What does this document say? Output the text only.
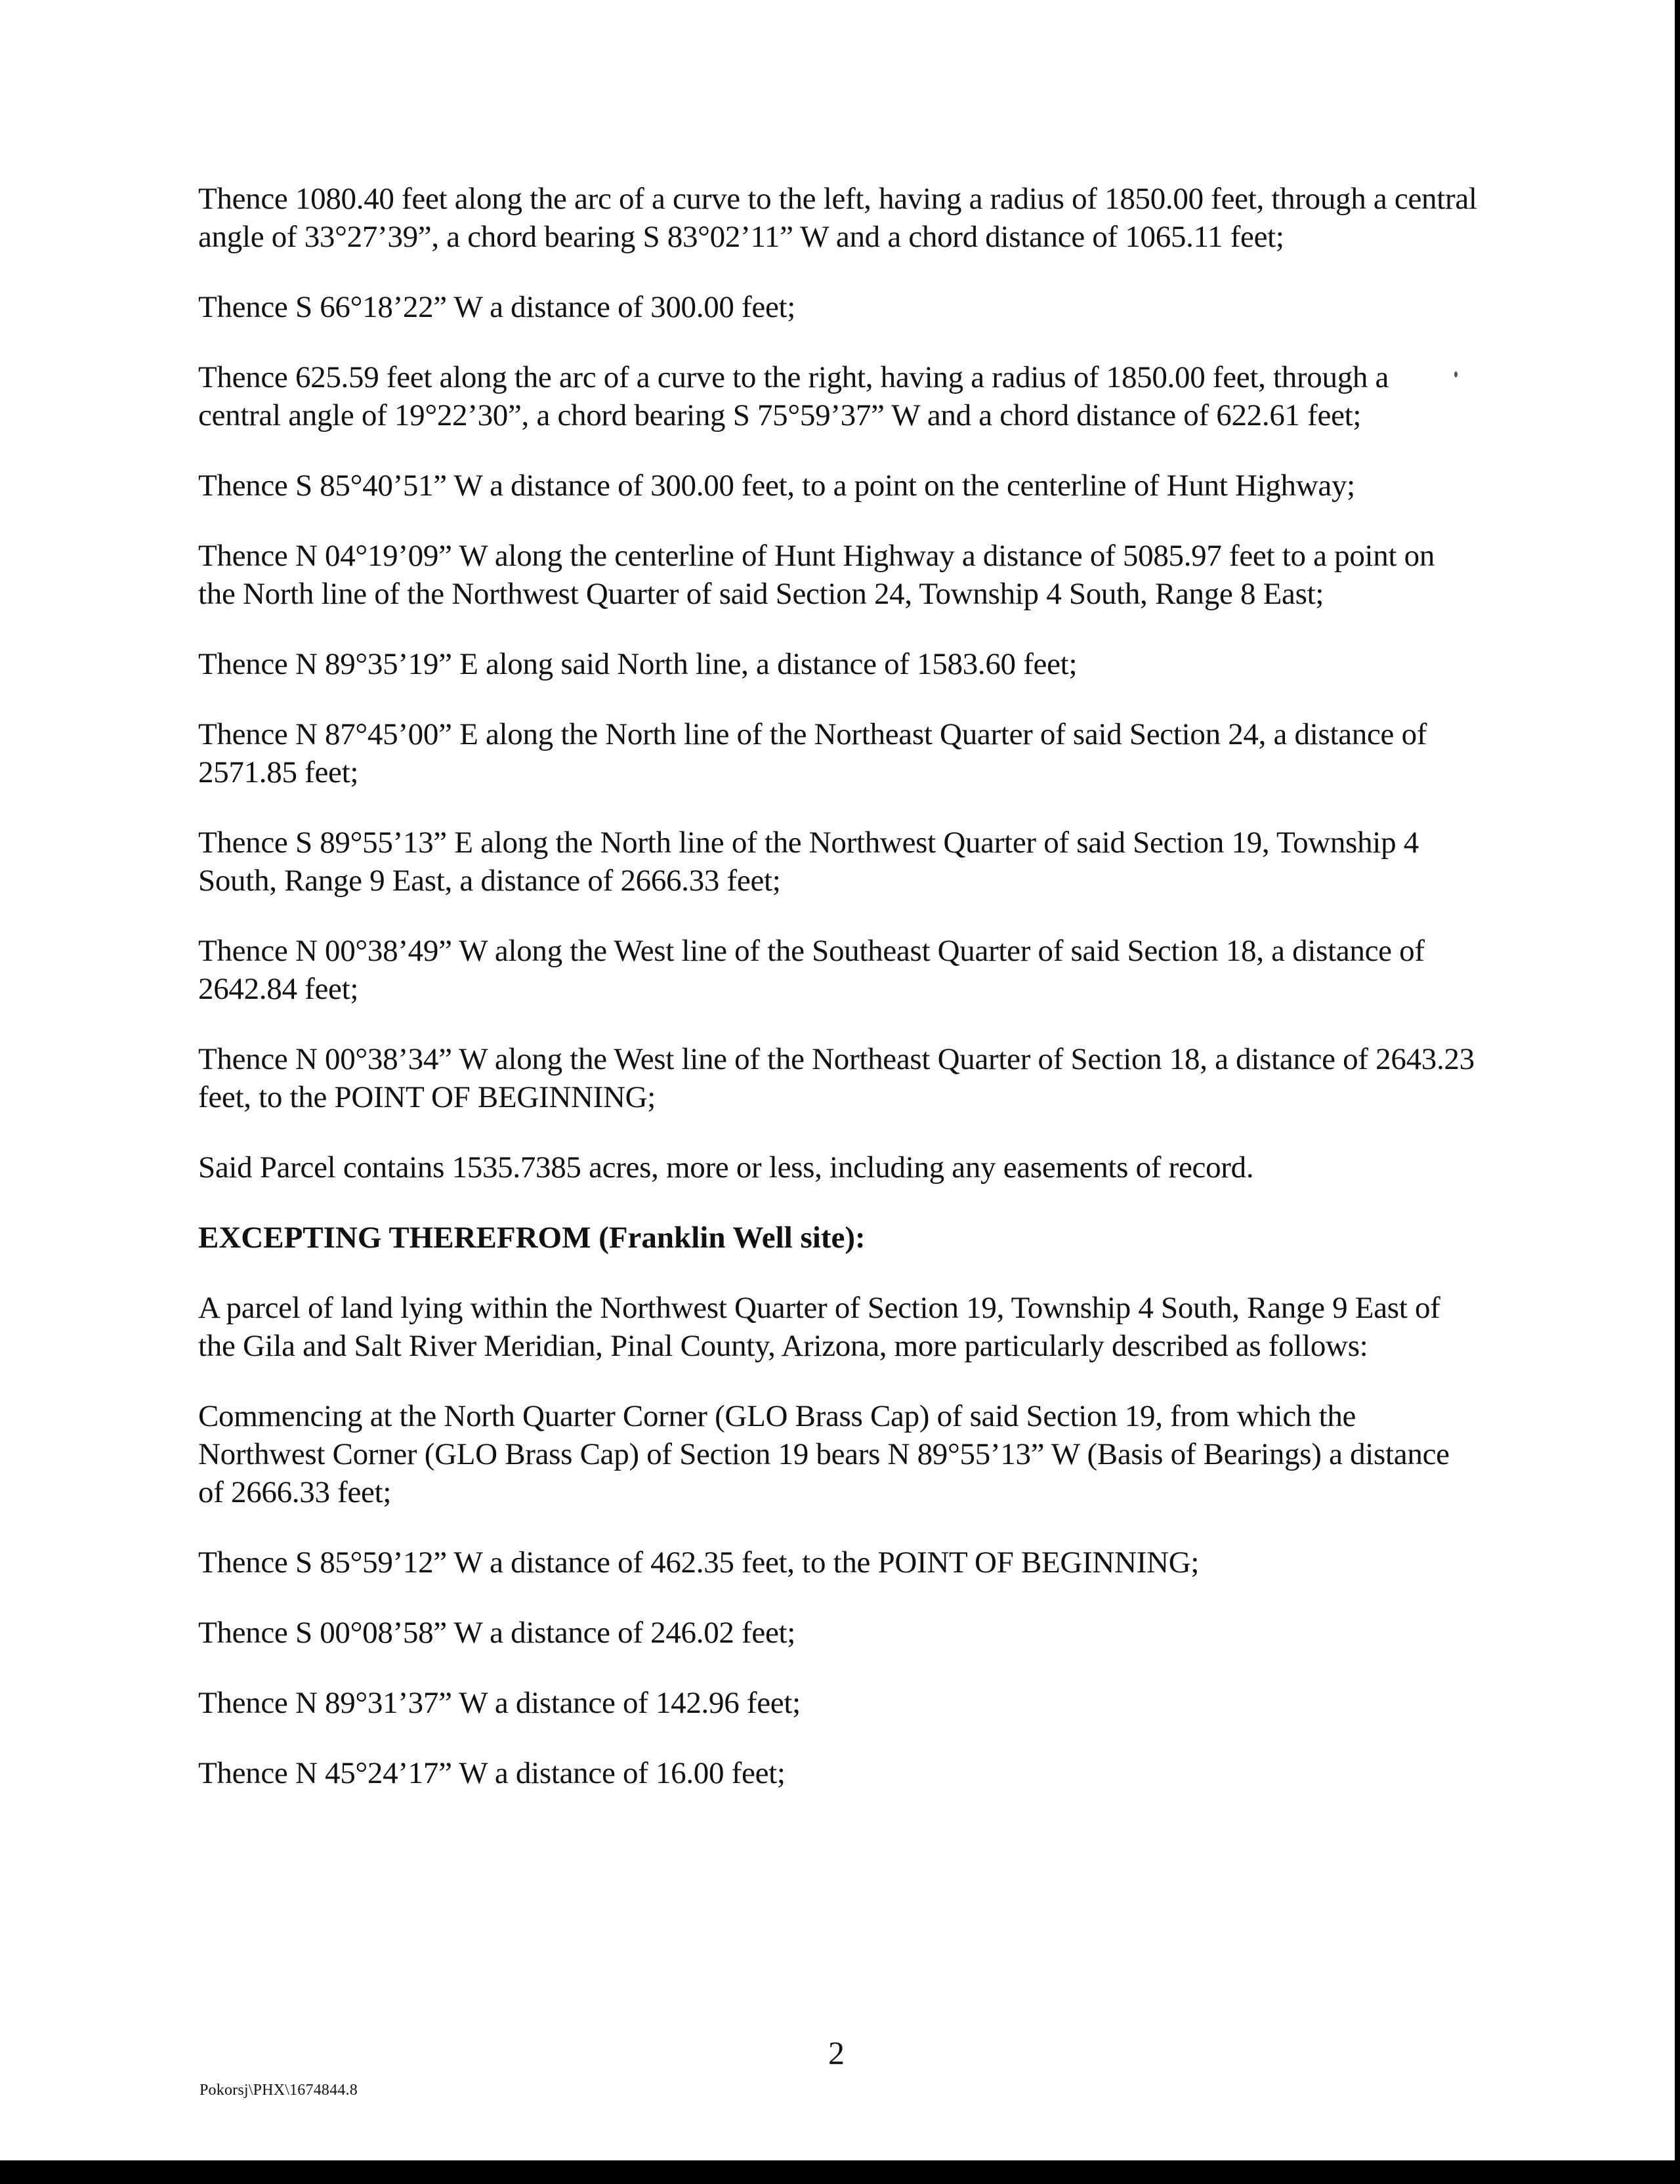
Thence 1080.40 feet along the arc of a curve to the left, having a radius of 1850.00 feet, through a central angle of 33°27’39”, a chord bearing S 83°02’11” W and a chord distance of 1065.11 feet;

Thence S 66°18’22” W a distance of 300.00 feet;

Thence 625.59 feet along the arc of a curve to the right, having a radius of 1850.00 feet, through a central angle of 19°22’30”, a chord bearing S 75°59’37” W and a chord distance of 622.61 feet;

Thence S 85°40’51” W a distance of 300.00 feet, to a point on the centerline of Hunt Highway;

Thence N 04°19’09” W along the centerline of Hunt Highway a distance of 5085.97 feet to a point on the North line of the Northwest Quarter of said Section 24, Township 4 South, Range 8 East;

Thence N 89°35’19” E along said North line, a distance of 1583.60 feet;

Thence N 87°45’00” E along the North line of the Northeast Quarter of said Section 24, a distance of 2571.85 feet;

Thence S 89°55’13” E along the North line of the Northwest Quarter of said Section 19, Township 4 South, Range 9 East, a distance of 2666.33 feet;

Thence N 00°38’49” W along the West line of the Southeast Quarter of said Section 18, a distance of 2642.84 feet;

Thence N 00°38’34” W along the West line of the Northeast Quarter of Section 18, a distance of 2643.23 feet, to the POINT OF BEGINNING;

Said Parcel contains 1535.7385 acres, more or less, including any easements of record.

EXCEPTING THEREFROM (Franklin Well site):

A parcel of land lying within the Northwest Quarter of Section 19, Township 4 South, Range 9 East of the Gila and Salt River Meridian, Pinal County, Arizona, more particularly described as follows:

Commencing at the North Quarter Corner (GLO Brass Cap) of said Section 19, from which the Northwest Corner (GLO Brass Cap) of Section 19 bears N 89°55’13” W (Basis of Bearings) a distance of 2666.33 feet;

Thence S 85°59’12” W a distance of 462.35 feet, to the POINT OF BEGINNING;

Thence S 00°08’58” W a distance of 246.02 feet;

Thence N 89°31’37” W a distance of 142.96 feet;

Thence N 45°24’17” W a distance of 16.00 feet;

2
Pokorsj\PHX\1674844.8
